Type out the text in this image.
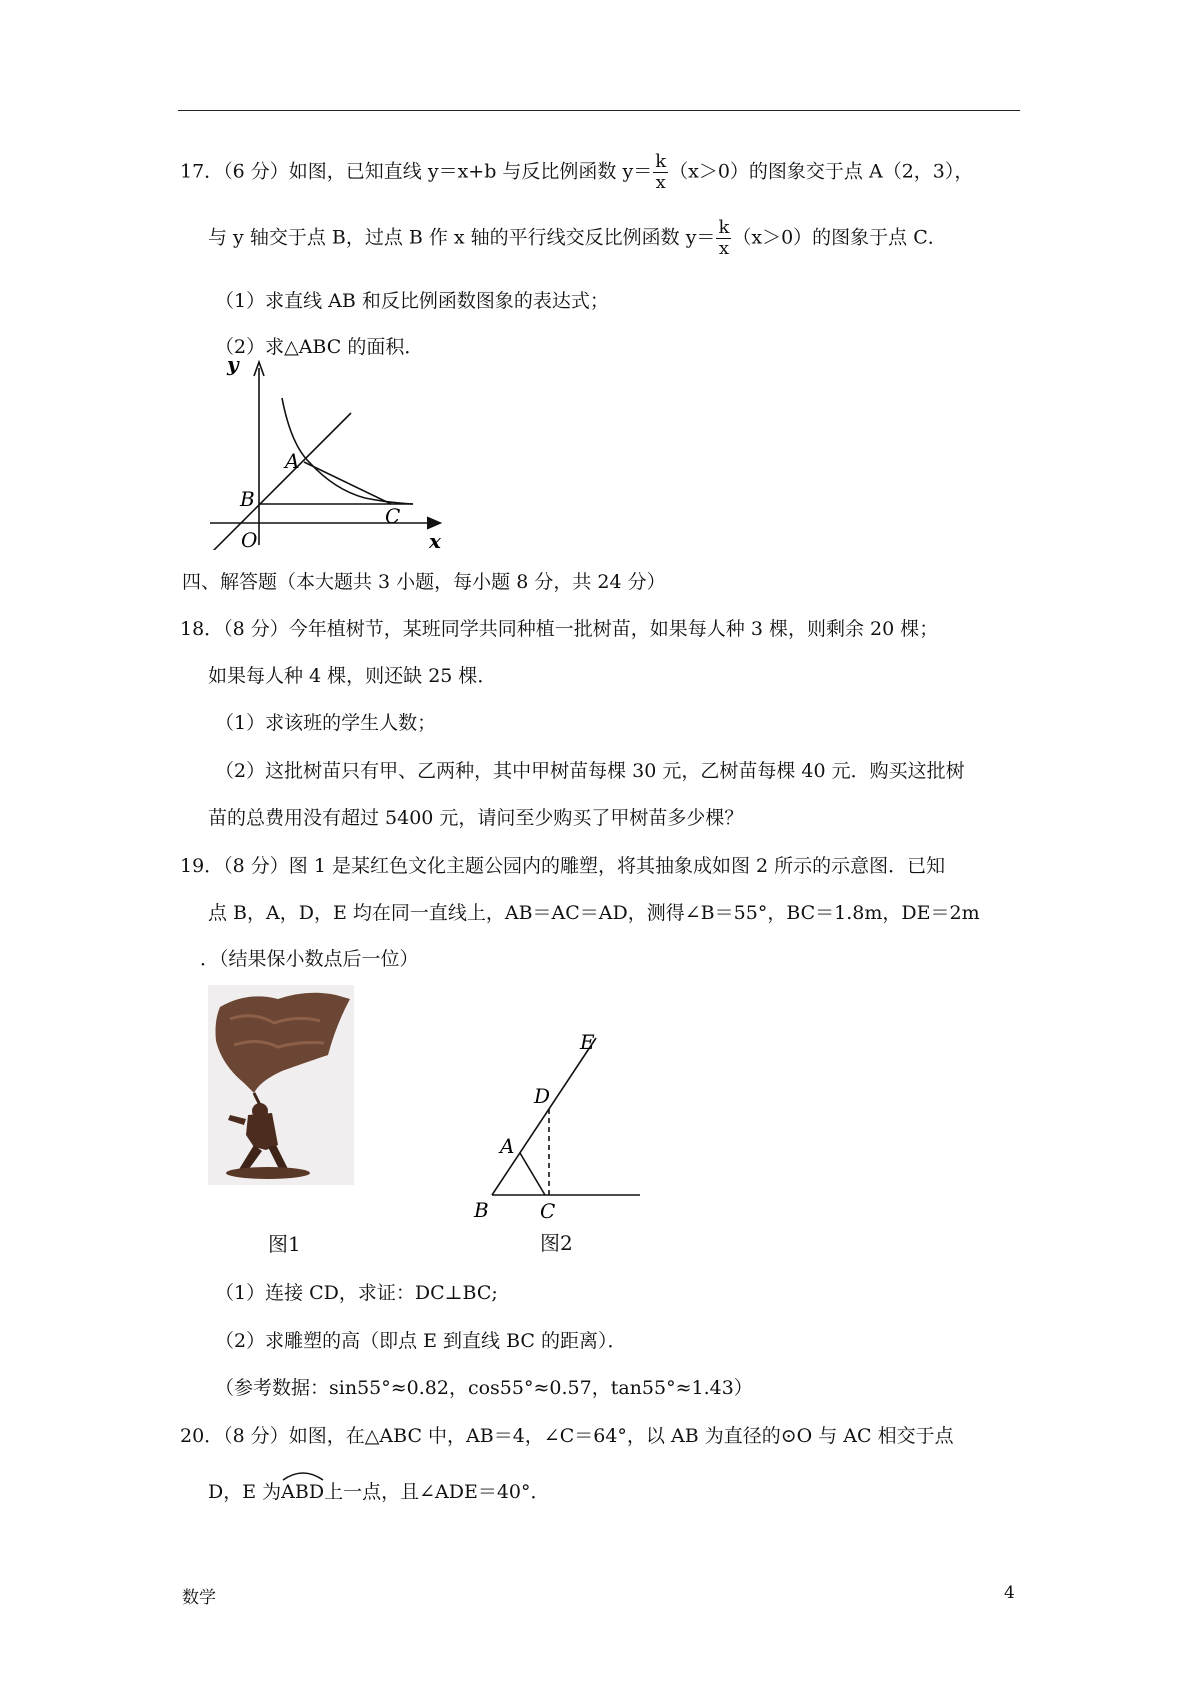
17．（6 分）如图，已知直线 y＝x+b 与反比例函数 $y= \frac{k}{x} (x>0)$的图象交于点 A（2，3），
与 y 轴交于点 B，过点 B 作 x 轴的平行线交反比例函数 $y= \frac{k}{x} (x>0)$的图象于点 C．
（1）求直线 AB 和反比例函数图象的表达式；
（2）求△ABC 的面积．
y
x
O
A
B
C
四、解答题（本大题共 3 小题，每小题 8 分，共 24 分）
18．（8 分）今年植树节，某班同学共同种植一批树苗，如果每人种 3 棵，则剩余 20 棵；
如果每人种 4 棵，则还缺 25 棵．
（1）求该班的学生人数；
（2）这批树苗只有甲、乙两种，其中甲树苗每棵 30 元，乙树苗每棵 40 元．购买这批树
苗的总费用没有超过 5400 元，请问至少购买了甲树苗多少棵？
19．（8 分）图 1 是某红色文化主题公园内的雕塑，将其抽象成如图 2 所示的示意图．已知
点 B，A，D，E 均在同一直线上，AB＝AC＝AD，测得∠B＝55°，BC＝1.8m，DE＝2m
．（结果保小数点后一位）
图1
E
D
A
B	C
图2
（1）连接 CD，求证：DC⊥BC;
（2）求雕塑的高（即点 E 到直线 BC 的距离）．
（参考数据：sin55°≈0.82，cos55°≈0.57，tan55°≈1.43）
20．（8 分）如图，在△ABC 中，AB＝4，∠C＝64°，以 AB 为直径的⊙O 与 AC 相交于点
D，E 为
ABD上一点，且∠ADE＝40°．
数学	4
